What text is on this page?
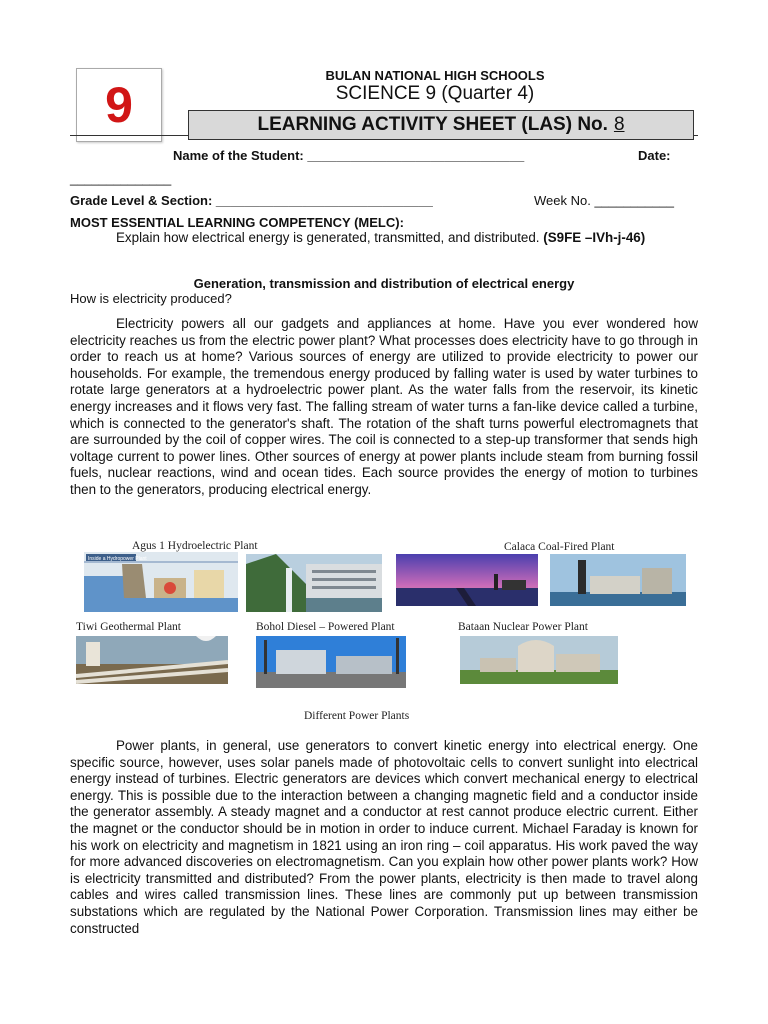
9
BULAN NATIONAL HIGH SCHOOLS
SCIENCE 9 (Quarter 4)
LEARNING ACTIVITY SHEET (LAS) No. 8
Name of the Student: ______________________________	Date:
______________
Grade Level & Section: ______________________________	Week No. ___________
MOST ESSENTIAL LEARNING COMPETENCY (MELC):
Explain how electrical energy is generated, transmitted, and distributed. (S9FE –IVh-j-46)
Generation, transmission and distribution of electrical energy
How is electricity produced?
Electricity powers all our gadgets and appliances at home. Have you ever wondered how electricity reaches us from the electric power plant? What processes does electricity have to go through in order to reach us at home? Various sources of energy are utilized to provide electricity to power our households. For example, the tremendous energy produced by falling water is used by water turbines to rotate large generators at a hydroelectric power plant. As the water falls from the reservoir, its kinetic energy increases and it flows very fast. The falling stream of water turns a fan-like device called a turbine, which is connected to the generator's shaft. The rotation of the shaft turns powerful electromagnets that are surrounded by the coil of copper wires. The coil is connected to a step-up transformer that sends high voltage current to power lines. Other sources of energy at power plants include steam from burning fossil fuels, nuclear reactions, wind and ocean tides. Each source provides the energy of motion to turbines then to the generators, producing electrical energy.
Inside a Hydropower Plant
Agus 1 Hydroelectric Plant	Calaca Coal-Fired Plant
Tiwi Geothermal Plant	Bohol Diesel – Powered Plant	Bataan Nuclear Power Plant
Different Power Plants
Power plants, in general, use generators to convert kinetic energy into electrical energy. One specific source, however, uses solar panels made of photovoltaic cells to convert sunlight into electrical energy instead of turbines. Electric generators are devices which convert mechanical energy to electrical energy. This is possible due to the interaction between a changing magnetic field and a conductor inside the generator assembly. A steady magnet and a conductor at rest cannot produce electric current. Either the magnet or the conductor should be in motion in order to induce current. Michael Faraday is known for his work on electricity and magnetism in 1821 using an iron ring – coil apparatus. His work paved the way for more advanced discoveries on electromagnetism. Can you explain how other power plants work? How is electricity transmitted and distributed? From the power plants, electricity is then made to travel along cables and wires called transmission lines. These lines are commonly put up between transmission substations which are regulated by the National Power Corporation. Transmission lines may either be constructed
